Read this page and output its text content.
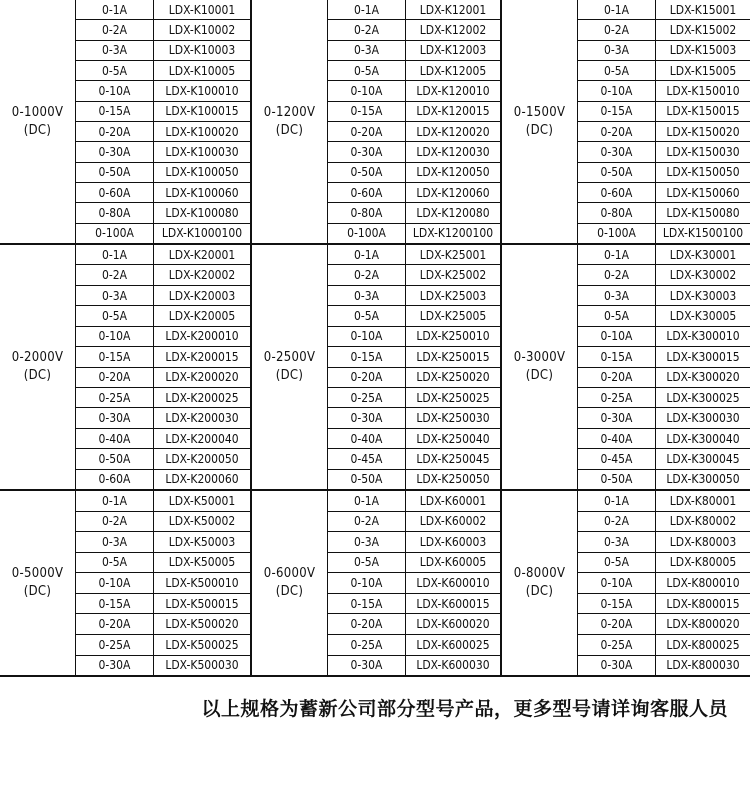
0-1000V
(DC)
0-1A	LDX-K10001
0-2A	LDX-K10002
0-3A	LDX-K10003
0-5A	LDX-K10005
0-10A	LDX-K100010
0-15A	LDX-K100015
0-20A	LDX-K100020
0-30A	LDX-K100030
0-50A	LDX-K100050
0-60A	LDX-K100060
0-80A	LDX-K100080
0-100A	LDX-K1000100
0-1200V
(DC)
0-1A	LDX-K12001
0-2A	LDX-K12002
0-3A	LDX-K12003
0-5A	LDX-K12005
0-10A	LDX-K120010
0-15A	LDX-K120015
0-20A	LDX-K120020
0-30A	LDX-K120030
0-50A	LDX-K120050
0-60A	LDX-K120060
0-80A	LDX-K120080
0-100A	LDX-K1200100
0-1500V
(DC)
0-1A	LDX-K15001
0-2A	LDX-K15002
0-3A	LDX-K15003
0-5A	LDX-K15005
0-10A	LDX-K150010
0-15A	LDX-K150015
0-20A	LDX-K150020
0-30A	LDX-K150030
0-50A	LDX-K150050
0-60A	LDX-K150060
0-80A	LDX-K150080
0-100A	LDX-K1500100
0-2000V
(DC)
0-1A	LDX-K20001
0-2A	LDX-K20002
0-3A	LDX-K20003
0-5A	LDX-K20005
0-10A	LDX-K200010
0-15A	LDX-K200015
0-20A	LDX-K200020
0-25A	LDX-K200025
0-30A	LDX-K200030
0-40A	LDX-K200040
0-50A	LDX-K200050
0-60A	LDX-K200060
0-2500V
(DC)
0-1A	LDX-K25001
0-2A	LDX-K25002
0-3A	LDX-K25003
0-5A	LDX-K25005
0-10A	LDX-K250010
0-15A	LDX-K250015
0-20A	LDX-K250020
0-25A	LDX-K250025
0-30A	LDX-K250030
0-40A	LDX-K250040
0-45A	LDX-K250045
0-50A	LDX-K250050
0-3000V
(DC)
0-1A	LDX-K30001
0-2A	LDX-K30002
0-3A	LDX-K30003
0-5A	LDX-K30005
0-10A	LDX-K300010
0-15A	LDX-K300015
0-20A	LDX-K300020
0-25A	LDX-K300025
0-30A	LDX-K300030
0-40A	LDX-K300040
0-45A	LDX-K300045
0-50A	LDX-K300050
0-5000V
(DC)
0-1A	LDX-K50001
0-2A	LDX-K50002
0-3A	LDX-K50003
0-5A	LDX-K50005
0-10A	LDX-K500010
0-15A	LDX-K500015
0-20A	LDX-K500020
0-25A	LDX-K500025
0-30A	LDX-K500030
0-6000V
(DC)
0-1A	LDX-K60001
0-2A	LDX-K60002
0-3A	LDX-K60003
0-5A	LDX-K60005
0-10A	LDX-K600010
0-15A	LDX-K600015
0-20A	LDX-K600020
0-25A	LDX-K600025
0-30A	LDX-K600030
0-8000V
(DC)
0-1A	LDX-K80001
0-2A	LDX-K80002
0-3A	LDX-K80003
0-5A	LDX-K80005
0-10A	LDX-K800010
0-15A	LDX-K800015
0-20A	LDX-K800020
0-25A	LDX-K800025
0-30A	LDX-K800030
以上规格为蓄新公司部分型号产品，更多型号请详询客服人员
